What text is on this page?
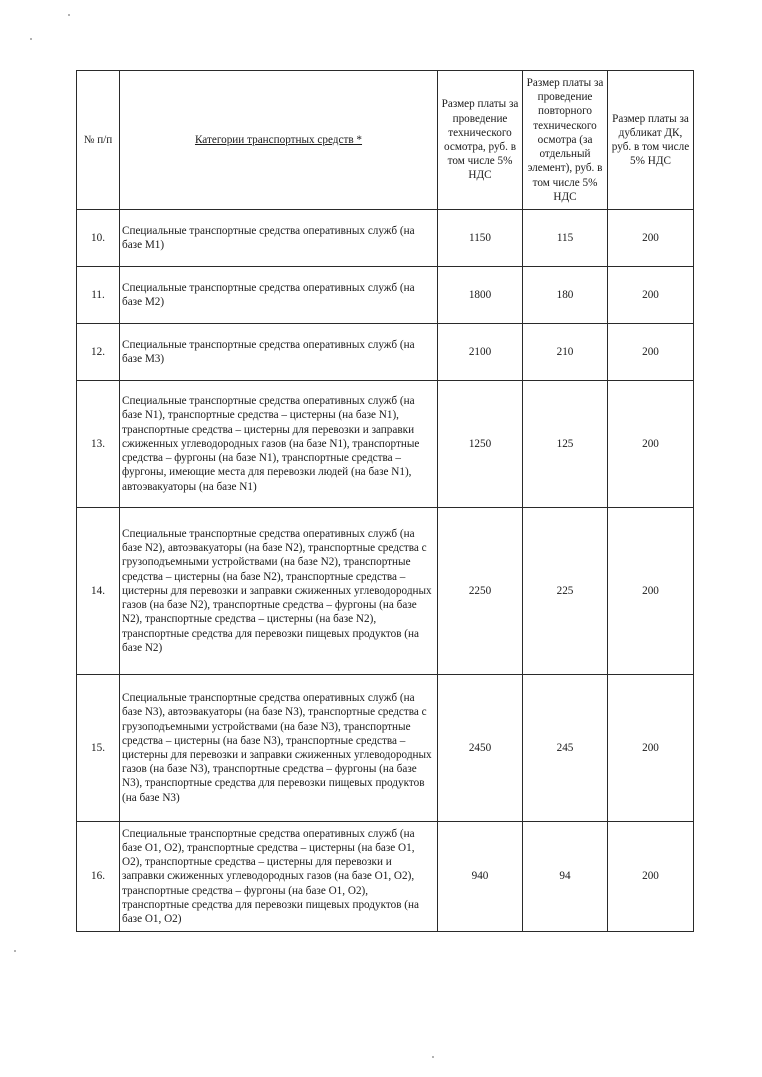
№ п/п	Категории транспортных средств *	Размер платы за проведение технического осмотра, руб. в том числе 5% НДС	Размер платы за проведение повторного технического осмотра (за отдельный элемент), руб. в том числе 5% НДС	Размер платы за дубликат ДК, руб. в том числе 5% НДС
10.	Специальные транспортные средства оперативных служб (на базе M1)	1150	115	200
11.	Специальные транспортные средства оперативных служб (на базе M2)	1800	180	200
12.	Специальные транспортные средства оперативных служб (на базе M3)	2100	210	200
13.	Специальные транспортные средства оперативных служб (на базе N1), транспортные средства – цистерны (на базе N1), транспортные средства – цистерны для перевозки и заправки сжиженных углеводородных газов (на базе N1), транспортные средства – фургоны (на базе N1), транспортные средства – фургоны, имеющие места для перевозки людей (на базе N1), автоэвакуаторы (на базе N1)	1250	125	200
14.	Специальные транспортные средства оперативных служб (на базе N2), автоэвакуаторы (на базе N2), транспортные средства с грузоподъемными устройствами (на базе N2), транспортные средства – цистерны (на базе N2), транспортные средства – цистерны для перевозки и заправки сжиженных углеводородных газов (на базе N2), транспортные средства – фургоны (на базе N2), транспортные средства – цистерны (на базе N2), транспортные средства для перевозки пищевых продуктов (на базе N2)	2250	225	200
15.	Специальные транспортные средства оперативных служб (на базе N3), автоэвакуаторы (на базе N3), транспортные средства с грузоподъемными устройствами (на базе N3), транспортные средства – цистерны (на базе N3), транспортные средства – цистерны для перевозки и заправки сжиженных углеводородных газов (на базе N3), транспортные средства – фургоны (на базе N3), транспортные средства для перевозки пищевых продуктов (на базе N3)	2450	245	200
16.	Специальные транспортные средства оперативных служб (на базе O1, O2), транспортные средства – цистерны (на базе O1, O2), транспортные средства – цистерны для перевозки и заправки сжиженных углеводородных газов (на базе O1, O2), транспортные средства – фургоны (на базе O1, O2), транспортные средства для перевозки пищевых продуктов (на базе O1, O2)	940	94	200
